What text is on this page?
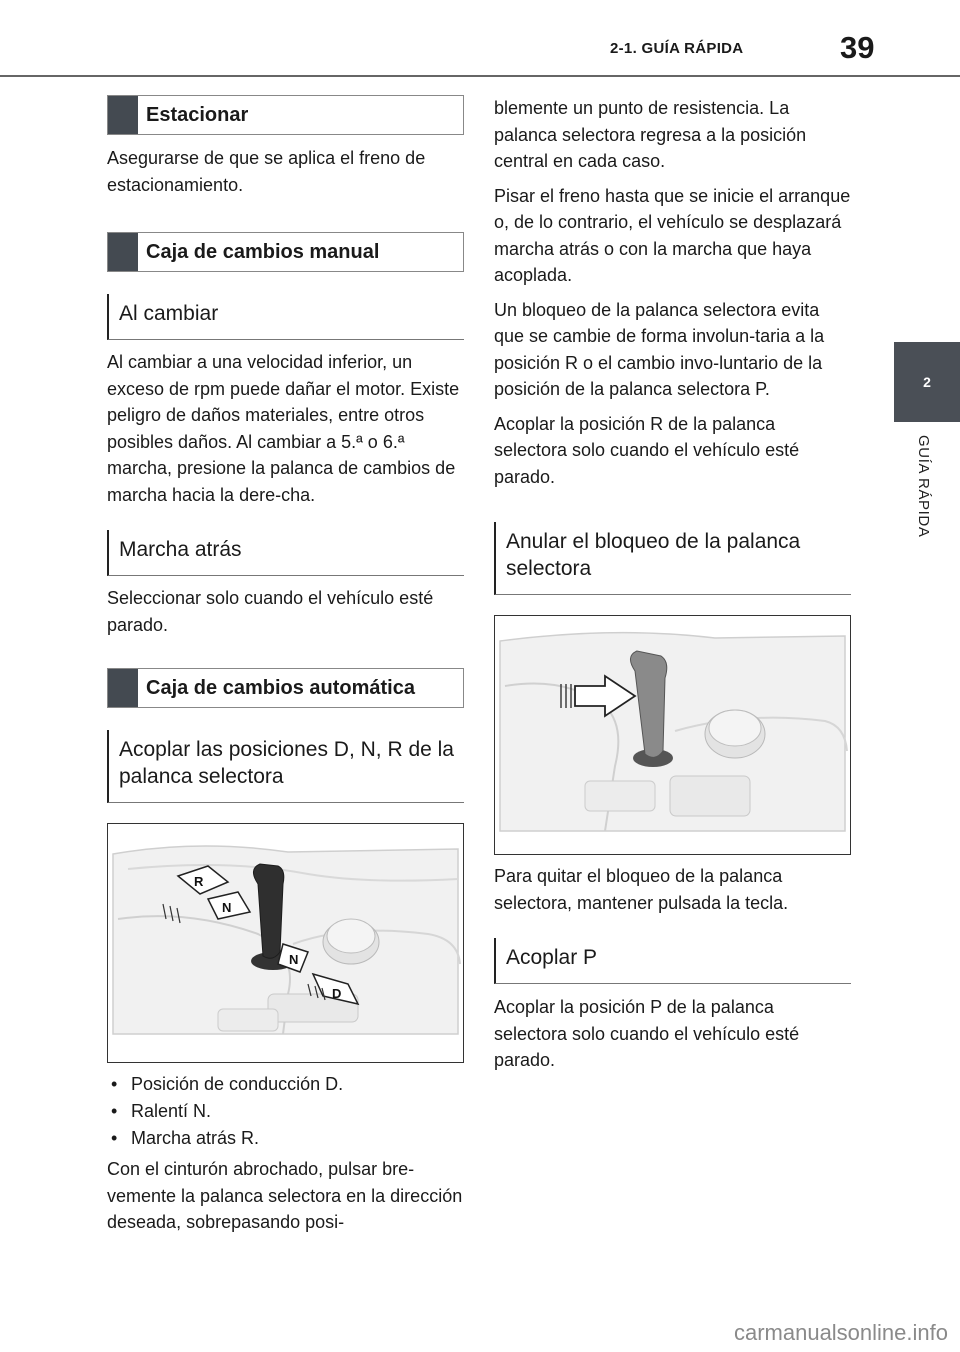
2-1. GUÍA RÁPIDA	39
2
GUÍA RÁPIDA
Estacionar

Asegurarse de que se aplica el freno de estacionamiento.

Caja de cambios manual
Al cambiar

Al cambiar a una velocidad inferior, un exceso de rpm puede dañar el motor. Existe peligro de daños materiales, entre otros posibles daños. Al cambiar a 5.ª o 6.ª marcha, presione la palanca de cambios de marcha hacia la dere-cha.

Marcha atrás

Seleccionar solo cuando el vehículo esté parado.

Caja de cambios automática
Acoplar las posiciones D, N, R de la palanca selectora
R
N
N
D
• Posición de conducción D.
• Ralentí N.
• Marcha atrás R.

Con el cinturón abrochado, pulsar bre-vemente la palanca selectora en la dirección deseada, sobrepasando posi-

blemente un punto de resistencia. La palanca selectora regresa a la posición central en cada caso.

Pisar el freno hasta que se inicie el arranque o, de lo contrario, el vehículo se desplazará marcha atrás o con la marcha que haya acoplada.

Un bloqueo de la palanca selectora evita que se cambie de forma involun-taria a la posición R o el cambio invo-luntario de la posición de la palanca selectora P.

Acoplar la posición R de la palanca selectora solo cuando el vehículo esté parado.

Anular el bloqueo de la palanca selectora

Para quitar el bloqueo de la palanca selectora, mantener pulsada la tecla.

Acoplar P

Acoplar la posición P de la palanca selectora solo cuando el vehículo esté parado.

carmanualsonline.info
